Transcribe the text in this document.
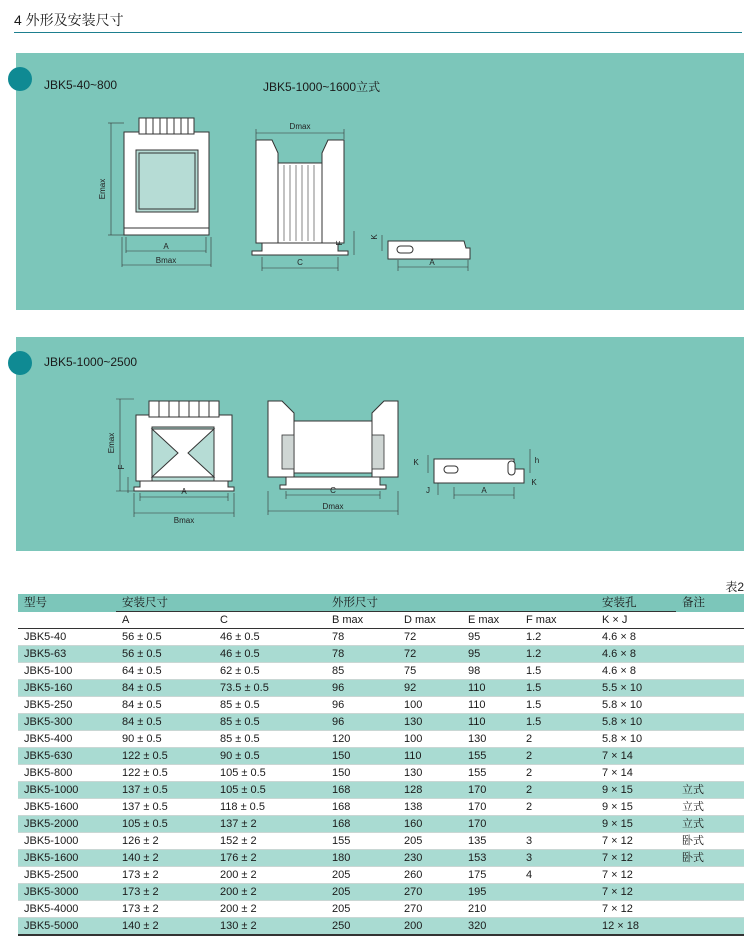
4 外形及安装尺寸
JBK5-40~800	JBK5-1000~1600立式
Emax
A
Bmax
Dmax
C
F
K
A
JBK5-1000~2500
Emax
F
A
Bmax
C
Dmax
K	h
J	A
K
表2
型号	安装尺寸		外形尺寸				安装孔	备注
	A	C	B max	D max	E max	F max	K × J	
JBK5-40	56 ± 0.5	46 ± 0.5	78	72	95	1.2	4.6 × 8	
JBK5-63	56 ± 0.5	46 ± 0.5	78	72	95	1.2	4.6 × 8	
JBK5-100	64 ± 0.5	62 ± 0.5	85	75	98	1.5	4.6 × 8	
JBK5-160	84 ± 0.5	73.5 ± 0.5	96	92	110	1.5	5.5 × 10	
JBK5-250	84 ± 0.5	85 ± 0.5	96	100	110	1.5	5.8 × 10	
JBK5-300	84 ± 0.5	85 ± 0.5	96	130	110	1.5	5.8 × 10	
JBK5-400	90 ± 0.5	85 ± 0.5	120	100	130	2	5.8 × 10	
JBK5-630	122 ± 0.5	90 ± 0.5	150	110	155	2	7 × 14	
JBK5-800	122 ± 0.5	105 ± 0.5	150	130	155	2	7 × 14	
JBK5-1000	137 ± 0.5	105 ± 0.5	168	128	170	2	9 × 15	立式
JBK5-1600	137 ± 0.5	118 ± 0.5	168	138	170	2	9 × 15	立式
JBK5-2000	105 ± 0.5	137 ± 2	168	160	170		9 × 15	立式
JBK5-1000	126 ± 2	152 ± 2	155	205	135	3	7 × 12	卧式
JBK5-1600	140 ± 2	176 ± 2	180	230	153	3	7 × 12	卧式
JBK5-2500	173 ± 2	200 ± 2	205	260	175	4	7 × 12	
JBK5-3000	173 ± 2	200 ± 2	205	270	195		7 × 12	
JBK5-4000	173 ± 2	200 ± 2	205	270	210		7 × 12	
JBK5-5000	140 ± 2	130 ± 2	250	200	320		12 × 18	
